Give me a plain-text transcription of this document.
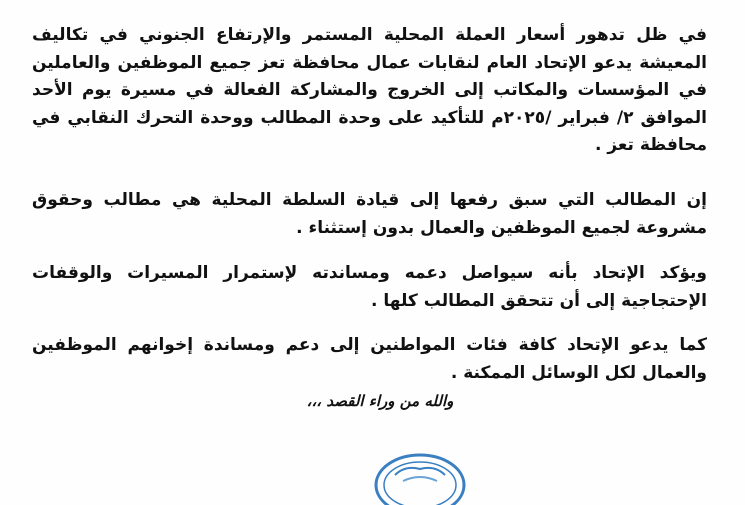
في ظل تدهور أسعار العملة المحلية المستمر والإرتفاع الجنوني في تكاليف المعيشة يدعو الإتحاد العام لنقابات عمال محافظة تعز جميع الموظفين والعاملين في المؤسسات والمكاتب إلى الخروج والمشاركة الفعالة في مسيرة يوم الأحد الموافق ٢/ فبراير /٢٠٢٥م للتأكيد على وحدة المطالب ووحدة التحرك النقابي في محافظة تعز .

إن المطالب التي سبق رفعها إلى قيادة السلطة المحلية هي مطالب وحقوق مشروعة لجميع الموظفين والعمال بدون إستثناء .

ويؤكد الإتحاد بأنه سيواصل دعمه ومساندته لإستمرار المسيرات والوقفات الإحتجاجية إلى أن تتحقق المطالب كلها .

كما يدعو الإتحاد كافة فئات المواطنين إلى دعم ومساندة إخوانهم الموظفين والعمال لكل الوسائل الممكنة .

والله من وراء القصد ،،،
